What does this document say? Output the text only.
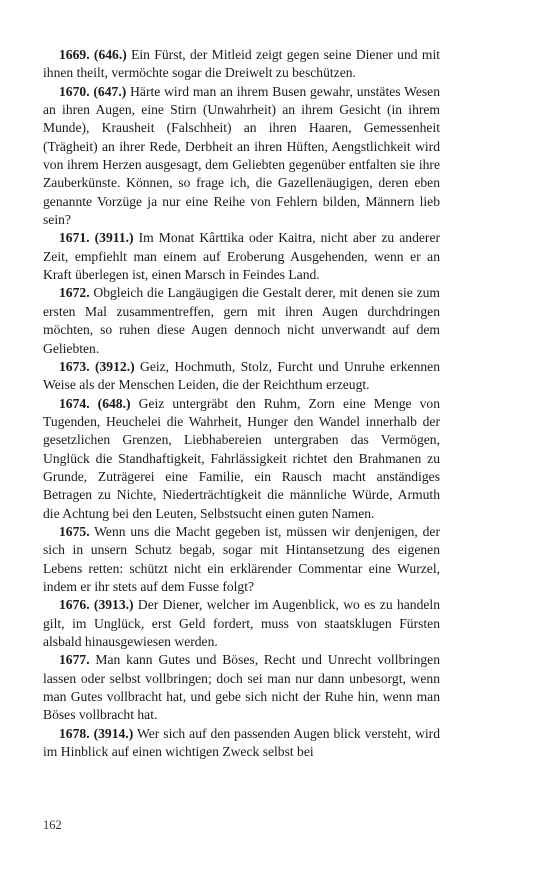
1669. (646.) Ein Fürst, der Mitleid zeigt gegen seine Diener und mit ihnen theilt, vermöchte sogar die Dreiwelt zu beschützen.

1670. (647.) Härte wird man an ihrem Busen gewahr, unstätes Wesen an ihren Augen, eine Stirn (Unwahrheit) an ihrem Gesicht (in ihrem Munde), Krausheit (Falschheit) an ihren Haaren, Gemessenheit (Trägheit) an ihrer Rede, Derbheit an ihren Hüften, Aengstlichkeit wird von ihrem Herzen ausgesagt, dem Geliebten gegenüber entfalten sie ihre Zauberkünste. Können, so frage ich, die Gazellenäugigen, deren eben genannte Vorzüge ja nur eine Reihe von Fehlern bilden, Männern lieb sein?

1671. (3911.) Im Monat Kârttika oder Kaitra, nicht aber zu anderer Zeit, empfiehlt man einem auf Eroberung Ausgehenden, wenn er an Kraft überlegen ist, einen Marsch in Feindes Land.

1672. Obgleich die Langäugigen die Gestalt derer, mit denen sie zum ersten Mal zusammentreffen, gern mit ihren Augen durchdringen möchten, so ruhen diese Augen dennoch nicht unverwandt auf dem Geliebten.

1673. (3912.) Geiz, Hochmuth, Stolz, Furcht und Unruhe erkennen Weise als der Menschen Leiden, die der Reichthum erzeugt.

1674. (648.) Geiz untergräbt den Ruhm, Zorn eine Menge von Tugenden, Heuchelei die Wahrheit, Hunger den Wandel innerhalb der gesetzlichen Grenzen, Liebhabereien untergraben das Vermögen, Unglück die Standhaftigkeit, Fahrlässigkeit richtet den Brahmanen zu Grunde, Zuträgerei eine Familie, ein Rausch macht anständiges Betragen zu Nichte, Niederträchtigkeit die männliche Würde, Armuth die Achtung bei den Leuten, Selbstsucht einen guten Namen.

1675. Wenn uns die Macht gegeben ist, müssen wir denjenigen, der sich in unsern Schutz begab, sogar mit Hintansetzung des eigenen Lebens retten: schützt nicht ein erklärender Commentar eine Wurzel, indem er ihr stets auf dem Fusse folgt?

1676. (3913.) Der Diener, welcher im Augenblick, wo es zu handeln gilt, im Unglück, erst Geld fordert, muss von staatsklugen Fürsten alsbald hinausgewiesen werden.

1677. Man kann Gutes und Böses, Recht und Unrecht vollbringen lassen oder selbst vollbringen; doch sei man nur dann unbesorgt, wenn man Gutes vollbracht hat, und gebe sich nicht der Ruhe hin, wenn man Böses vollbracht hat.

1678. (3914.) Wer sich auf den passenden Augen blick versteht, wird im Hinblick auf einen wichtigen Zweck selbst bei

162
